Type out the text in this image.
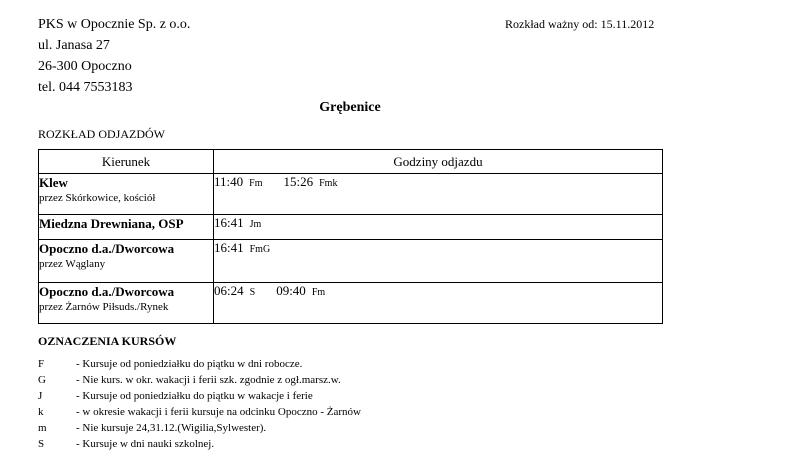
PKS w Opocznie Sp. z o.o.
ul. Janasa 27
26-300 Opoczno
tel. 044 7553183
Rozkład ważny od: 15.11.2012
Grębenice
ROZKŁAD ODJAZDÓW
Kierunek	Godziny odjazdu

Klew
przez Skórkowice, kościół	11:40 Fm 15:26 Fmk

Miedzna Drewniana, OSP	16:41 Jm

Opoczno d.a./Dworcowa
przez Wąglany	16:41 FmG

Opoczno d.a./Dworcowa
przez Żarnów Piłsuds./Rynek	06:24 S 09:40 Fm
OZNACZENIA KURSÓW
F	- Kursuje od poniedziałku do piątku w dni robocze.
G	- Nie kurs. w okr. wakacji i ferii szk. zgodnie z ogł.marsz.w.
J	- Kursuje od poniedziałku do piątku w wakacje i ferie
k	- w okresie wakacji i ferii kursuje na odcinku Opoczno - Żarnów
m	- Nie kursuje 24,31.12.(Wigilia,Sylwester).
S	- Kursuje w dni nauki szkolnej.
